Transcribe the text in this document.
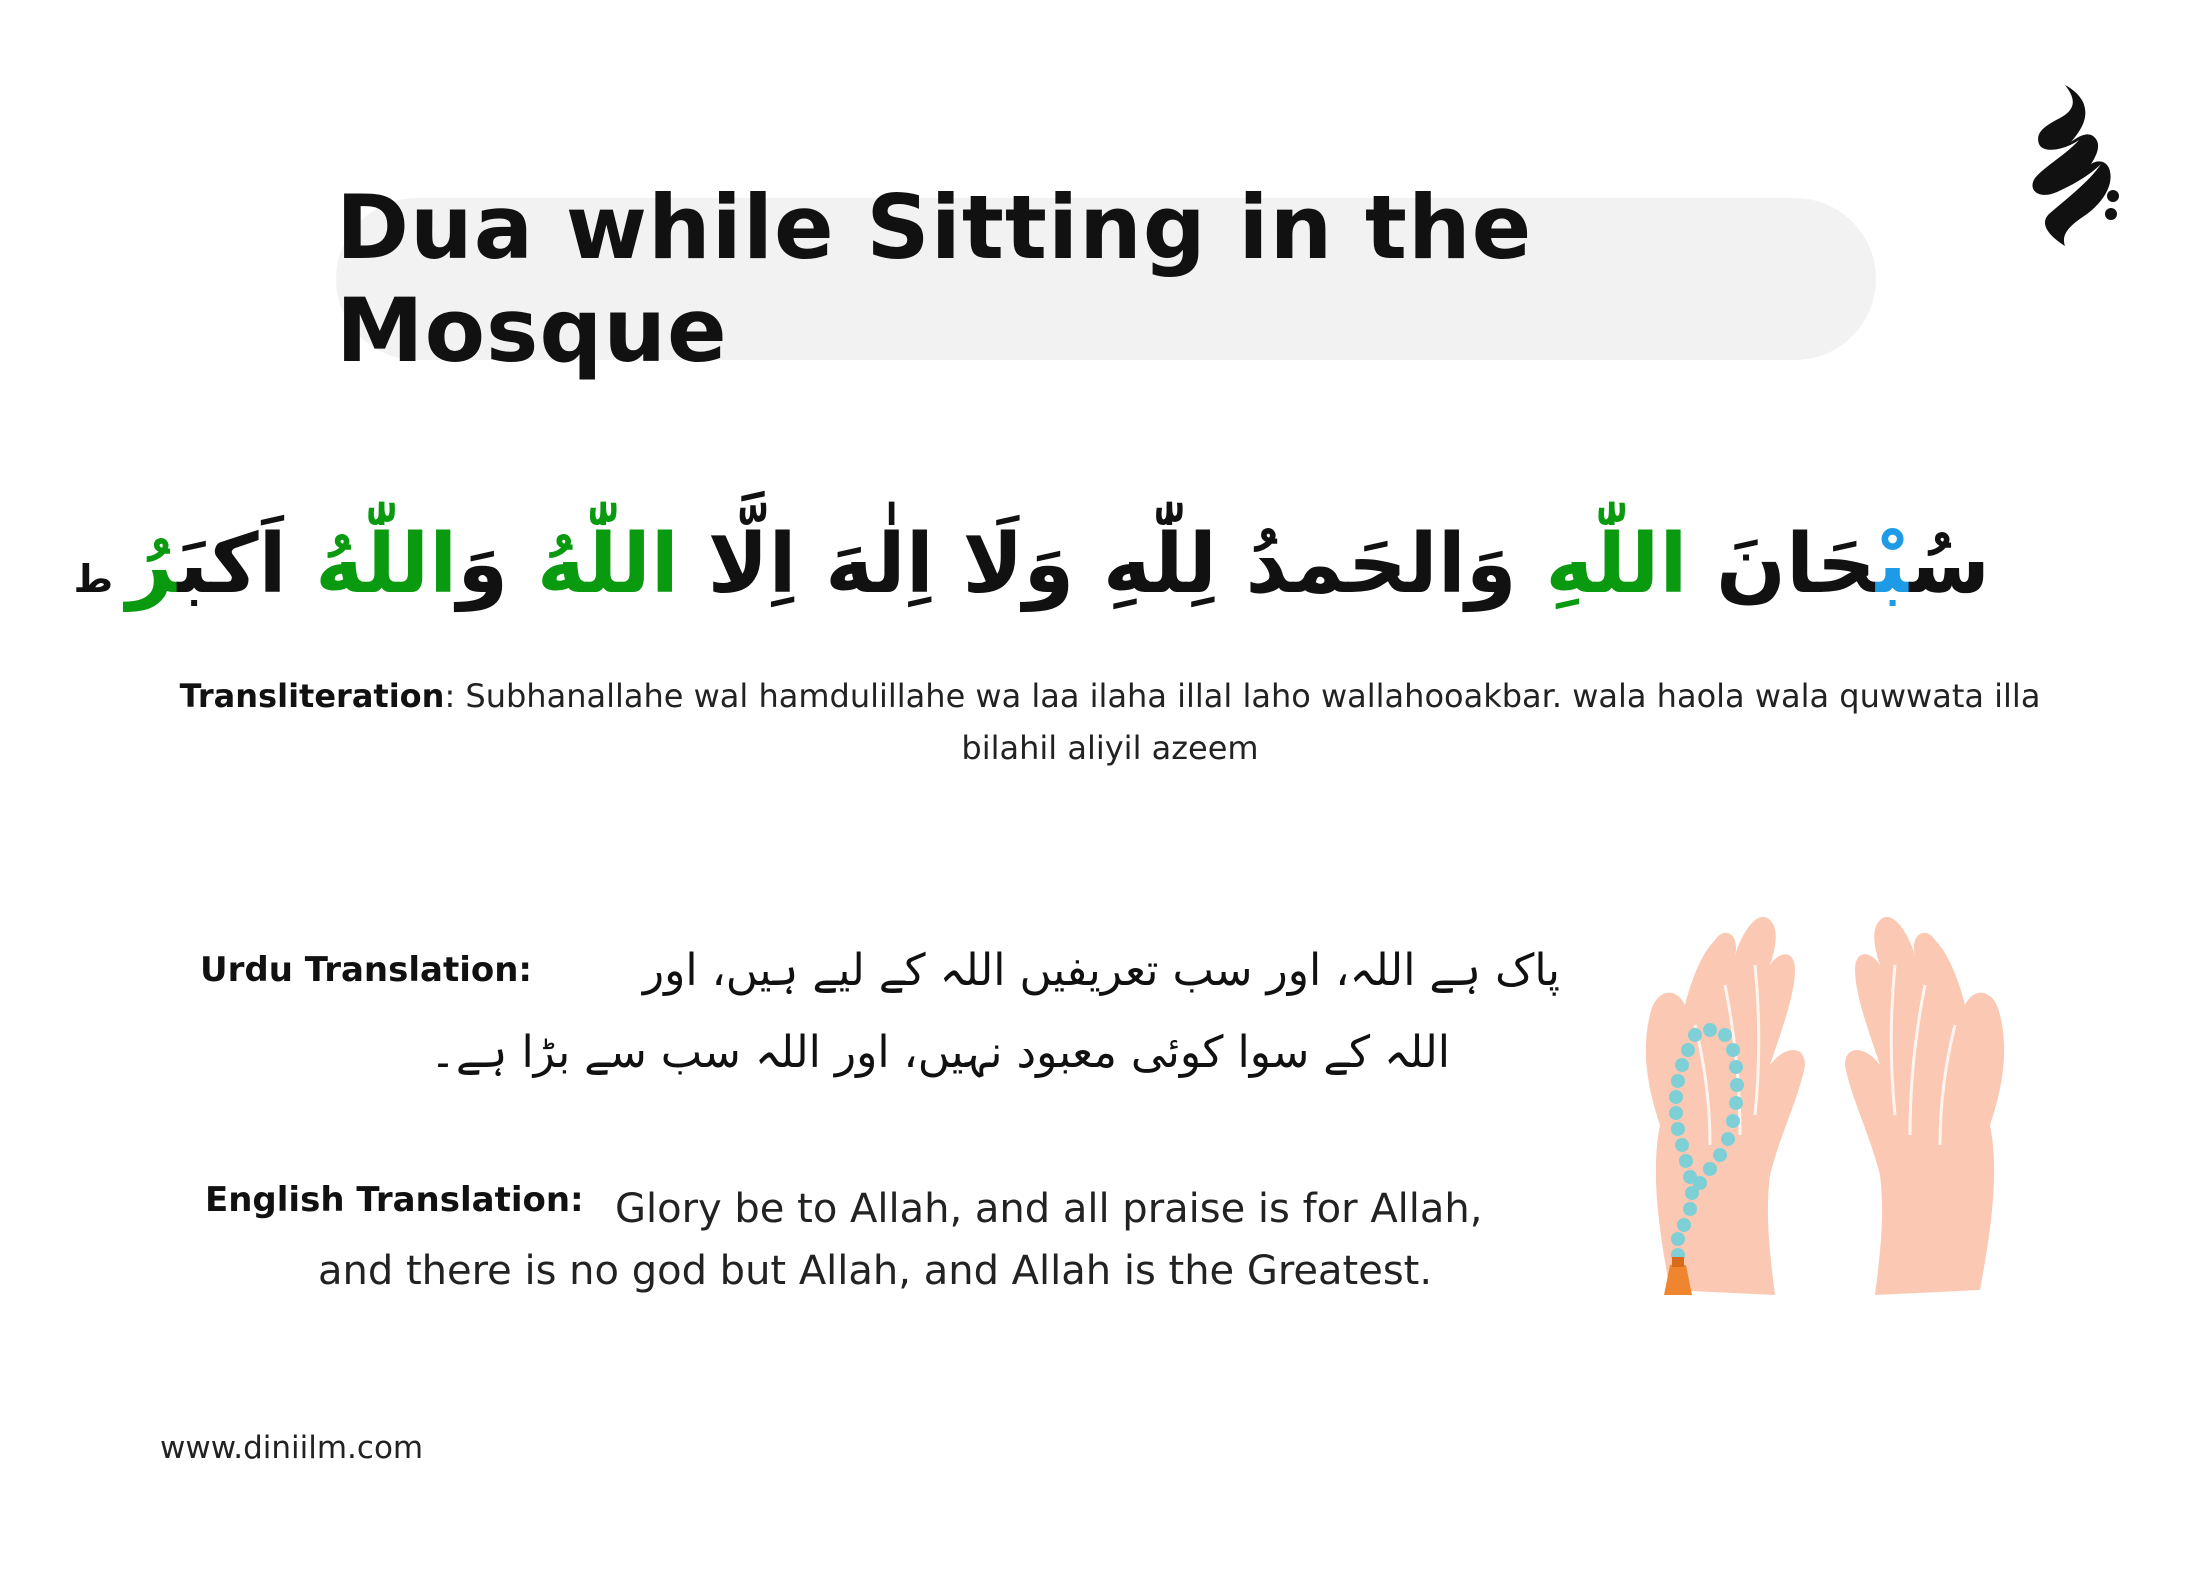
Dua while Sitting in the Mosque
سُبْحَانَ اللّٰهِ وَالحَمدُ لِلّٰهِ وَلَا اِلٰهَ اِلَّا اللّٰهُ وَاللّٰهُ اَكبَرُ ط
Transliteration: Subhanallahe wal hamdulillahe wa laa ilaha illal laho wallahooakbar. wala haola wala quwwata illa bilahil aliyil azeem
Urdu Translation:	پاک ہے اللہ، اور سب تعریفیں اللہ کے لیے ہیں، اور
اللہ کے سوا کوئی معبود نہیں، اور اللہ سب سے بڑا ہے۔
English Translation: Glory be to Allah, and all praise is for Allah,
and there is no god but Allah, and Allah is the Greatest.
www.diniilm.com
